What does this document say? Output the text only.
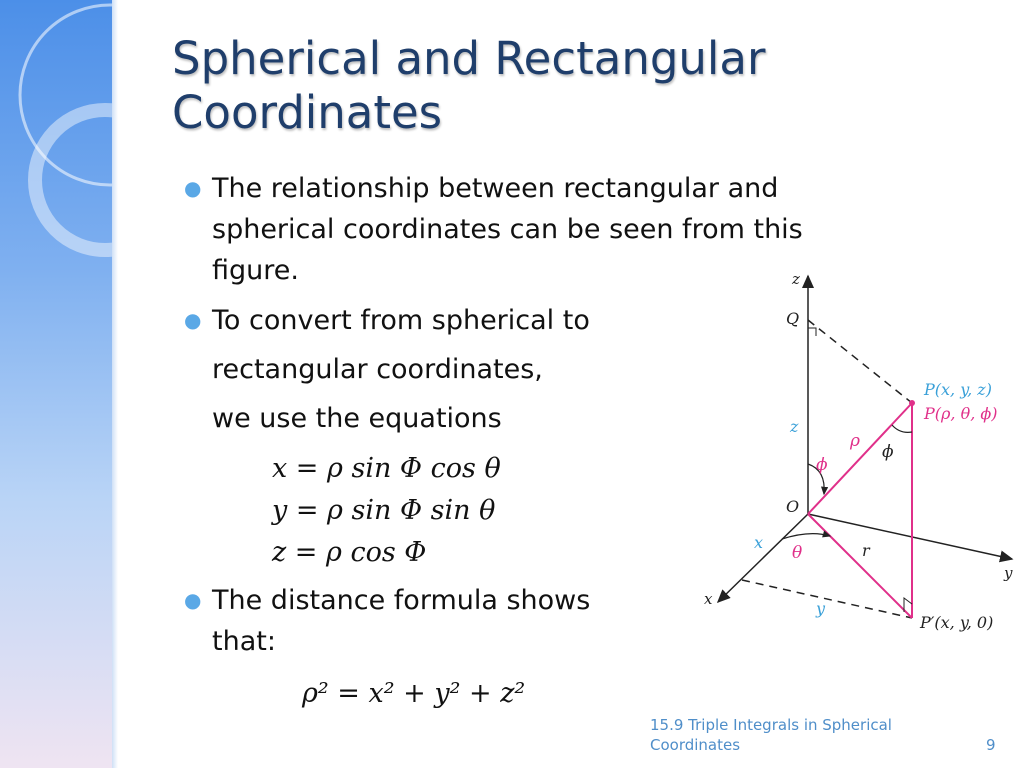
Spherical and Rectangular
Coordinates
● The relationship between rectangular and
spherical coordinates can be seen from this
figure.
● To convert from spherical to
rectangular coordinates,
we use the equations
x = ρ sin Φ cos θ
y = ρ sin Φ sin θ
z = ρ cos Φ
● The distance formula shows
that:
ρ² = x² + y² + z²
z
y
x
Q
O
P(x, y, z)
P(ρ, θ, ϕ)
z
ρ
ϕ
ϕ
x
θ	r
y
P′(x, y, 0)
15.9 Triple Integrals in Spherical
Coordinates	9
